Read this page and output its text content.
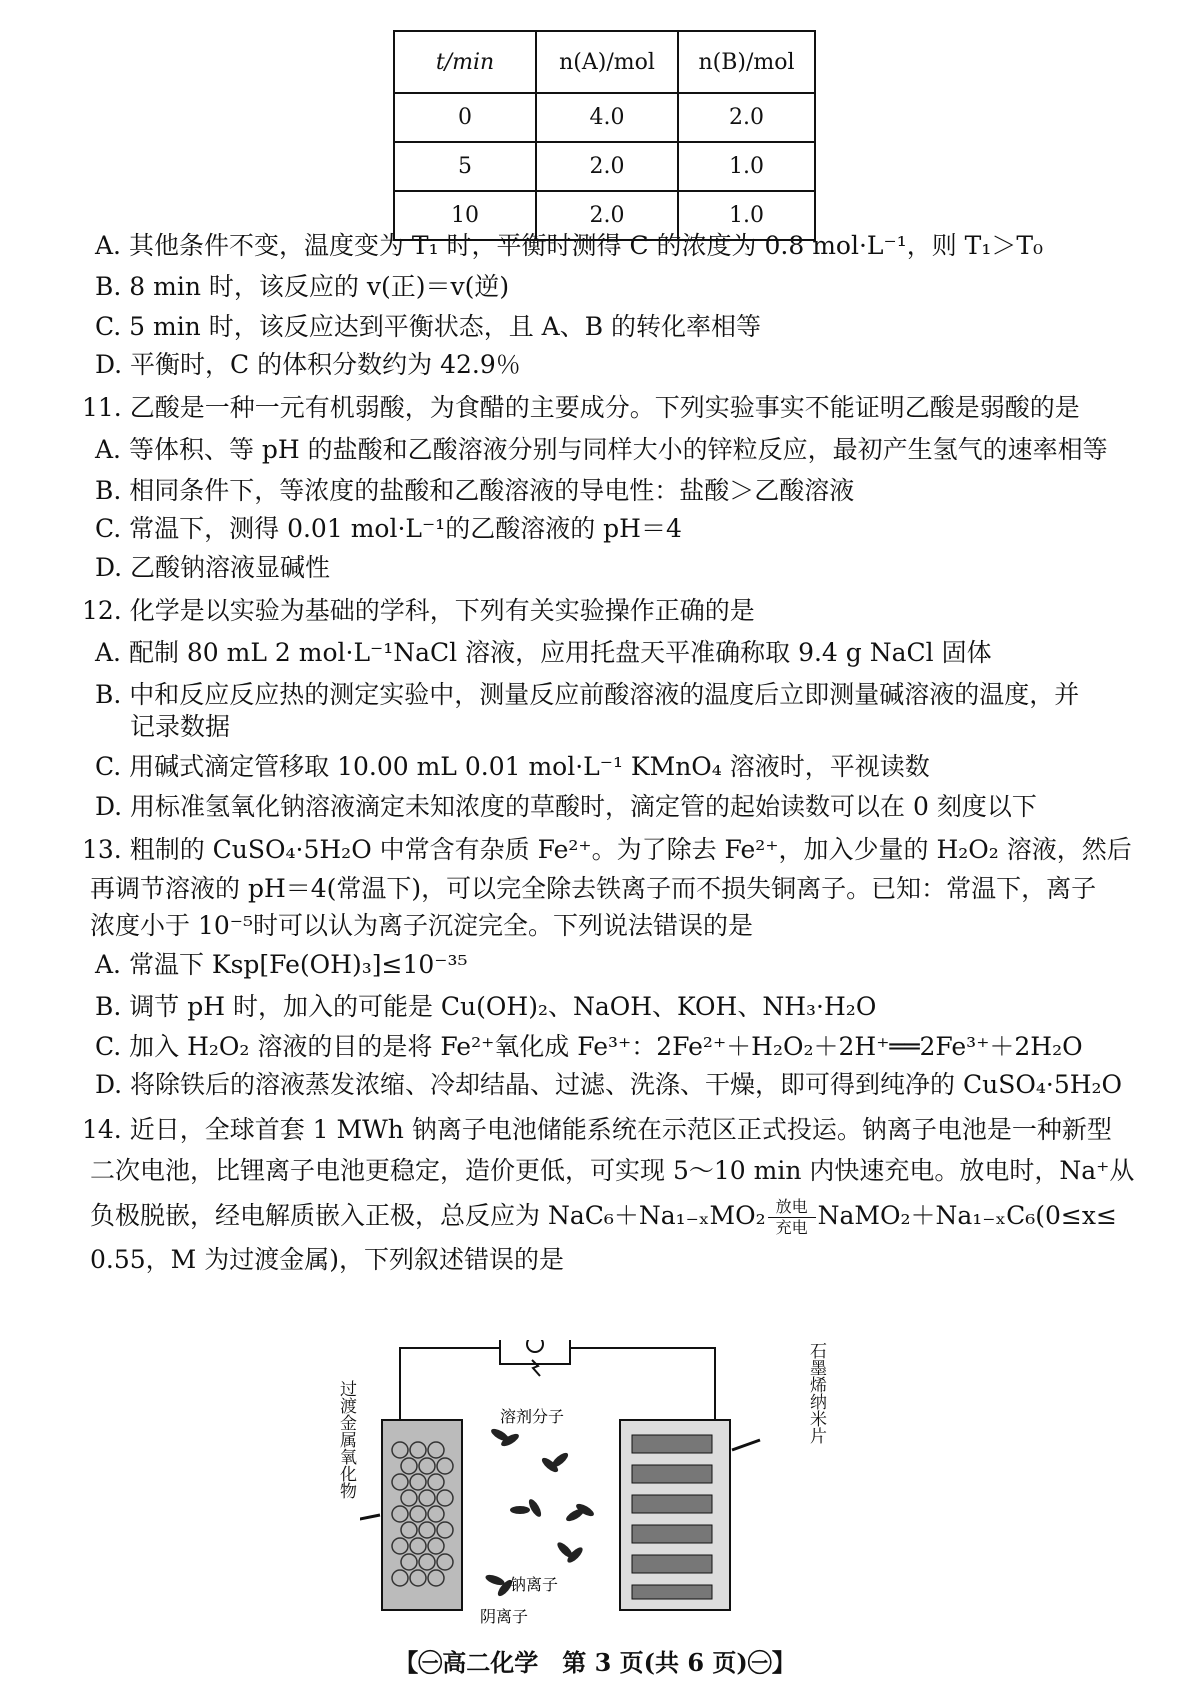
t/min	n(A)/mol	n(B)/mol
0	4.0	2.0
5	2.0	1.0
10	2.0	1.0
A. 其他条件不变，温度变为 T₁ 时，平衡时测得 C 的浓度为 0.8 mol·L⁻¹，则 T₁＞T₀
B. 8 min 时，该反应的 v(正)＝v(逆)
C. 5 min 时，该反应达到平衡状态，且 A、B 的转化率相等
D. 平衡时，C 的体积分数约为 42.9％
11. 乙酸是一种一元有机弱酸，为食醋的主要成分。下列实验事实不能证明乙酸是弱酸的是
A. 等体积、等 pH 的盐酸和乙酸溶液分别与同样大小的锌粒反应，最初产生氢气的速率相等
B. 相同条件下，等浓度的盐酸和乙酸溶液的导电性：盐酸＞乙酸溶液
C. 常温下，测得 0.01 mol·L⁻¹的乙酸溶液的 pH＝4
D. 乙酸钠溶液显碱性
12. 化学是以实验为基础的学科，下列有关实验操作正确的是
A. 配制 80 mL 2 mol·L⁻¹NaCl 溶液，应用托盘天平准确称取 9.4 g NaCl 固体
B. 中和反应反应热的测定实验中，测量反应前酸溶液的温度后立即测量碱溶液的温度，并
记录数据
C. 用碱式滴定管移取 10.00 mL 0.01 mol·L⁻¹ KMnO₄ 溶液时，平视读数
D. 用标准氢氧化钠溶液滴定未知浓度的草酸时，滴定管的起始读数可以在 0 刻度以下
13. 粗制的 CuSO₄·5H₂O 中常含有杂质 Fe²⁺。为了除去 Fe²⁺，加入少量的 H₂O₂ 溶液，然后
再调节溶液的 pH＝4(常温下)，可以完全除去铁离子而不损失铜离子。已知：常温下，离子
浓度小于 10⁻⁵时可以认为离子沉淀完全。下列说法错误的是
A. 常温下 Ksp[Fe(OH)₃]≤10⁻³⁵
B. 调节 pH 时，加入的可能是 Cu(OH)₂、NaOH、KOH、NH₃·H₂O
C. 加入 H₂O₂ 溶液的目的是将 Fe²⁺氧化成 Fe³⁺：2Fe²⁺＋H₂O₂＋2H⁺══2Fe³⁺＋2H₂O
D. 将除铁后的溶液蒸发浓缩、冷却结晶、过滤、洗涤、干燥，即可得到纯净的 CuSO₄·5H₂O
14. 近日，全球首套 1 MWh 钠离子电池储能系统在示范区正式投运。钠离子电池是一种新型
二次电池，比锂离子电池更稳定，造价更低，可实现 5～10 min 内快速充电。放电时，Na⁺从
负极脱嵌，经电解质嵌入正极，总反应为 $NaC_6+Na_{1-x}MO_2 \frac{\text{放电}}{\text{充电}}$ NaMO₂＋Na₁₋ₓC₆(0≤x≤
0.55，M 为过渡金属)，下列叙述错误的是
溶剂分子
钠离子
阴离子
过渡金属氧化物	石墨烯纳米片
【㊀高二化学　第 3 页(共 6 页)㊀】
